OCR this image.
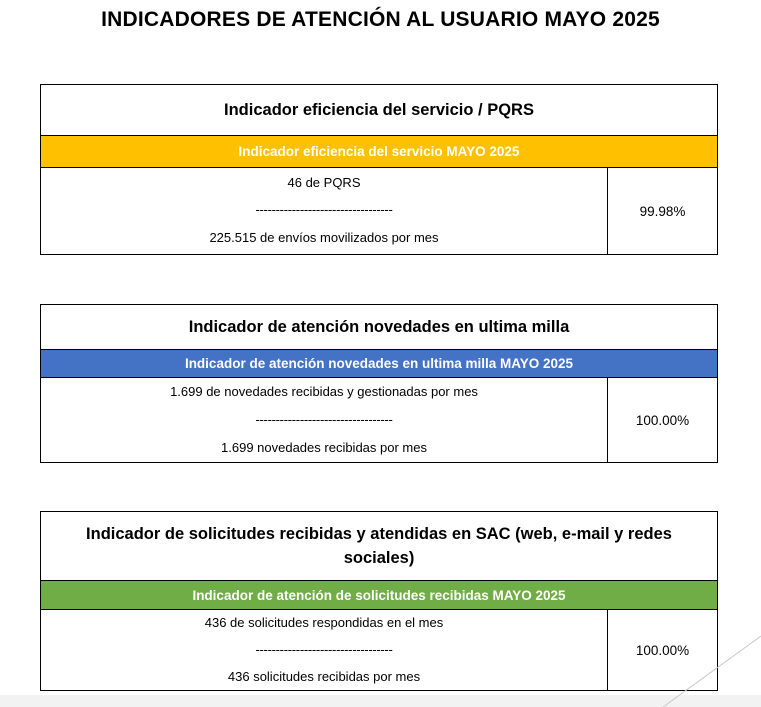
INDICADORES DE ATENCIÓN AL USUARIO MAYO 2025
Indicador eficiencia del servicio / PQRS
Indicador eficiencia del servicio MAYO 2025
46 de PQRS
----------------------------------
225.515 de envíos movilizados por mes
99.98%
Indicador de atención novedades en ultima milla
Indicador de atención novedades en ultima milla MAYO 2025
1.699 de novedades recibidas y gestionadas por mes
----------------------------------
1.699 novedades recibidas por mes
100.00%
Indicador de solicitudes recibidas y atendidas en SAC (web, e-mail y redes sociales)
Indicador de atención de solicitudes recibidas MAYO 2025
436 de solicitudes respondidas en el mes
----------------------------------
436 solicitudes recibidas por mes
100.00%
